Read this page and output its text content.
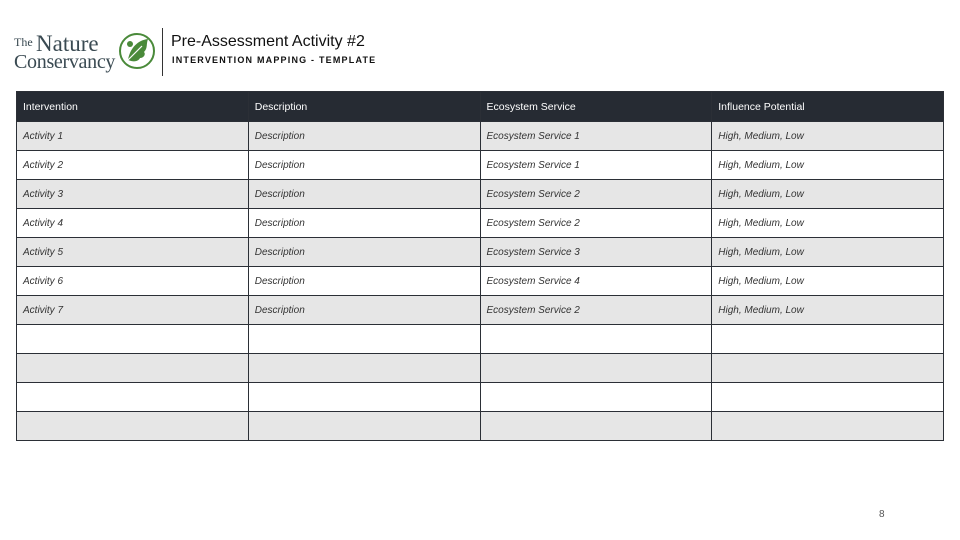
The Nature
Conservancy
Pre-Assessment Activity #2
INTERVENTION MAPPING - TEMPLATE
Intervention	Description	Ecosystem Service	Influence Potential
Activity 1	Description	Ecosystem Service 1	High, Medium, Low
Activity 2	Description	Ecosystem Service 1	High, Medium, Low
Activity 3	Description	Ecosystem Service 2	High, Medium, Low
Activity 4	Description	Ecosystem Service 2	High, Medium, Low
Activity 5	Description	Ecosystem Service 3	High, Medium, Low
Activity 6	Description	Ecosystem Service 4	High, Medium, Low
Activity 7	Description	Ecosystem Service 2	High, Medium, Low

8
